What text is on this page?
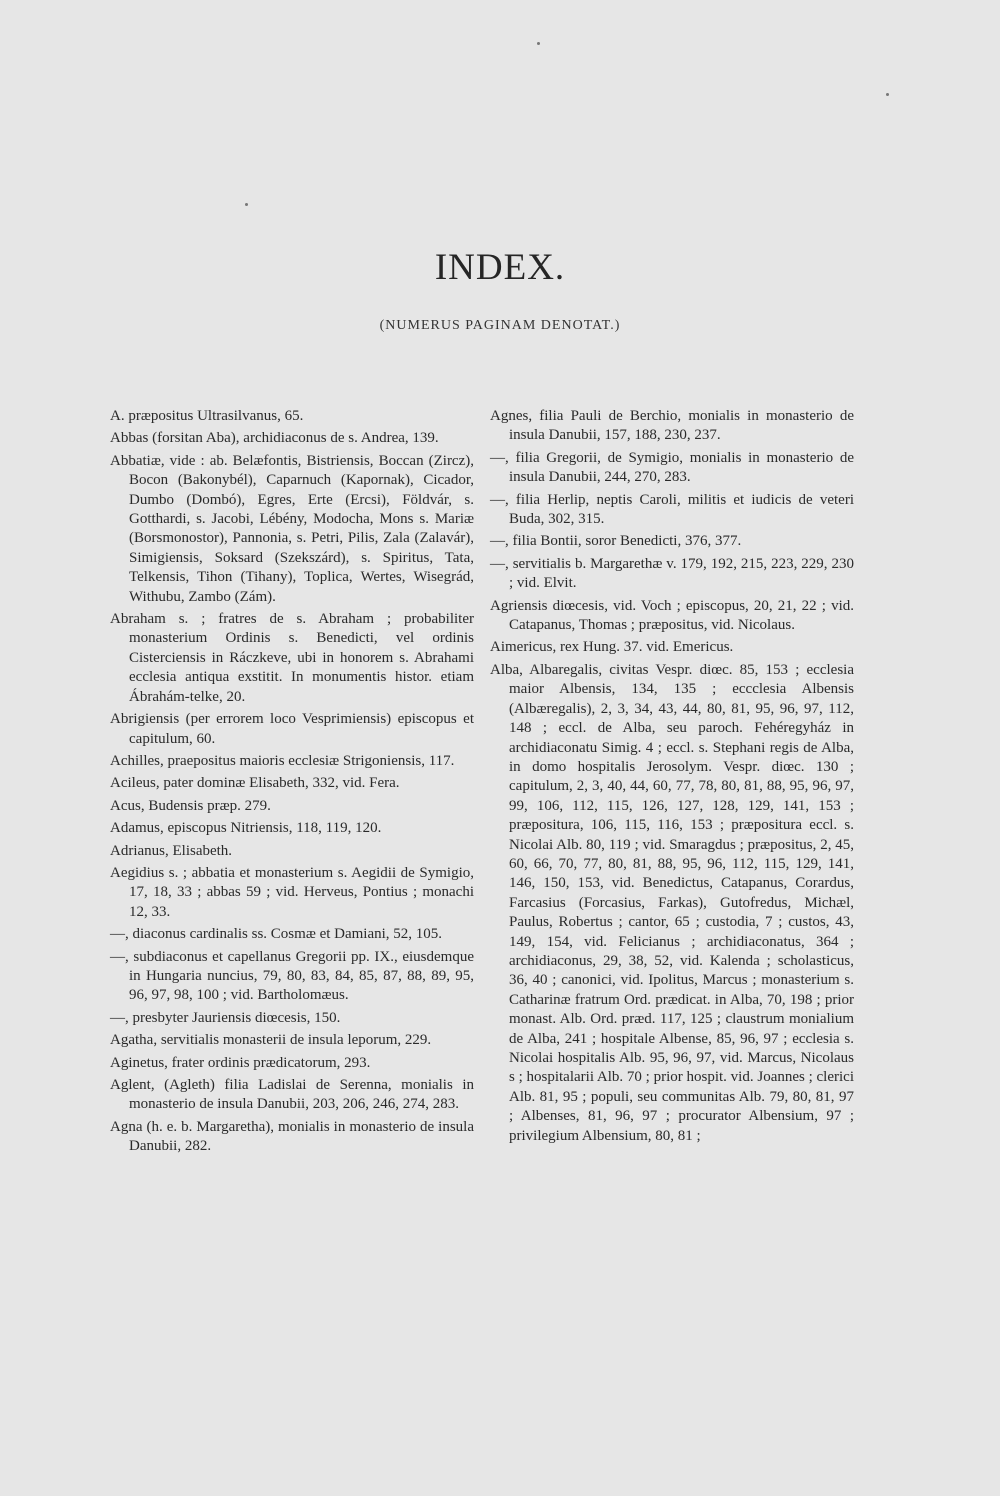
INDEX.
(NUMERUS PAGINAM DENOTAT.)

A. præpositus Ultrasilvanus, 65.

Abbas (forsitan Aba), archidiaconus de s. Andrea, 139.

Abbatiæ, vide : ab. Belæfontis, Bistriensis, Boccan (Zircz), Bocon (Bakonybél), Caparnuch (Kapornak), Cicador, Dumbo (Dombó), Egres, Erte (Ercsi), Földvár, s. Gotthardi, s. Jacobi, Lébény, Modocha, Mons s. Mariæ (Borsmonostor), Pannonia, s. Petri, Pilis, Zala (Zalavár), Simigiensis, Soksard (Szekszárd), s. Spiritus, Tata, Telkensis, Tihon (Tihany), Toplica, Wertes, Wisegrád, Withubu, Zambo (Zám).

Abraham s. ; fratres de s. Abraham ; probabiliter monasterium Ordinis s. Benedicti, vel ordinis Cisterciensis in Ráczkeve, ubi in honorem s. Abrahami ecclesia antiqua exstitit. In monumentis histor. etiam Ábrahám-telke, 20.

Abrigiensis (per errorem loco Vesprimiensis) episcopus et capitulum, 60.

Achilles, praepositus maioris ecclesiæ Strigoniensis, 117.

Acileus, pater dominæ Elisabeth, 332, vid. Fera.

Acus, Budensis præp. 279.

Adamus, episcopus Nitriensis, 118, 119, 120.

Adrianus, Elisabeth.

Aegidius s. ; abbatia et monasterium s. Aegidii de Symigio, 17, 18, 33 ; abbas 59 ; vid. Herveus, Pontius ; monachi 12, 33.

—, diaconus cardinalis ss. Cosmæ et Damiani, 52, 105.

—, subdiaconus et capellanus Gregorii pp. IX., eiusdemque in Hungaria nuncius, 79, 80, 83, 84, 85, 87, 88, 89, 95, 96, 97, 98, 100 ; vid. Bartholomæus.

—, presbyter Jauriensis diœcesis, 150.

Agatha, servitialis monasterii de insula leporum, 229.

Aginetus, frater ordinis prædicatorum, 293.

Aglent, (Agleth) filia Ladislai de Serenna, monialis in monasterio de insula Danubii, 203, 206, 246, 274, 283.

Agna (h. e. b. Margaretha), monialis in monasterio de insula Danubii, 282.

Agnes, filia Pauli de Berchio, monialis in monasterio de insula Danubii, 157, 188, 230, 237.

—, filia Gregorii, de Symigio, monialis in monasterio de insula Danubii, 244, 270, 283.

—, filia Herlip, neptis Caroli, militis et iudicis de veteri Buda, 302, 315.

—, filia Bontii, soror Benedicti, 376, 377.

—, servitialis b. Margarethæ v. 179, 192, 215, 223, 229, 230 ; vid. Elvit.

Agriensis diœcesis, vid. Voch ; episcopus, 20, 21, 22 ; vid. Catapanus, Thomas ; præpositus, vid. Nicolaus.

Aimericus, rex Hung. 37. vid. Emericus.

Alba, Albaregalis, civitas Vespr. diœc. 85, 153 ; ecclesia maior Albensis, 134, 135 ; eccclesia Albensis (Albæregalis), 2, 3, 34, 43, 44, 80, 81, 95, 96, 97, 112, 148 ; eccl. de Alba, seu paroch. Fehéregyház in archidiaconatu Simig. 4 ; eccl. s. Stephani regis de Alba, in domo hospitalis Jerosolym. Vespr. diœc. 130 ; capitulum, 2, 3, 40, 44, 60, 77, 78, 80, 81, 88, 95, 96, 97, 99, 106, 112, 115, 126, 127, 128, 129, 141, 153 ; præpositura, 106, 115, 116, 153 ; præpositura eccl. s. Nicolai Alb. 80, 119 ; vid. Smaragdus ; præpositus, 2, 45, 60, 66, 70, 77, 80, 81, 88, 95, 96, 112, 115, 129, 141, 146, 150, 153, vid. Benedictus, Catapanus, Corardus, Farcasius (Forcasius, Farkas), Gutofredus, Michæl, Paulus, Robertus ; cantor, 65 ; custodia, 7 ; custos, 43, 149, 154, vid. Felicianus ; archidiaconatus, 364 ; archidiaconus, 29, 38, 52, vid. Kalenda ; scholasticus, 36, 40 ; canonici, vid. Ipolitus, Marcus ; monasterium s. Catharinæ fratrum Ord. prædicat. in Alba, 70, 198 ; prior monast. Alb. Ord. præd. 117, 125 ; claustrum monialium de Alba, 241 ; hospitale Albense, 85, 96, 97 ; ecclesia s. Nicolai hospitalis Alb. 95, 96, 97, vid. Marcus, Nicolaus s ; hospitalarii Alb. 70 ; prior hospit. vid. Joannes ; clerici Alb. 81, 95 ; populi, seu communitas Alb. 79, 80, 81, 97 ; Albenses, 81, 96, 97 ; procurator Albensium, 97 ; privilegium Albensium, 80, 81 ;
